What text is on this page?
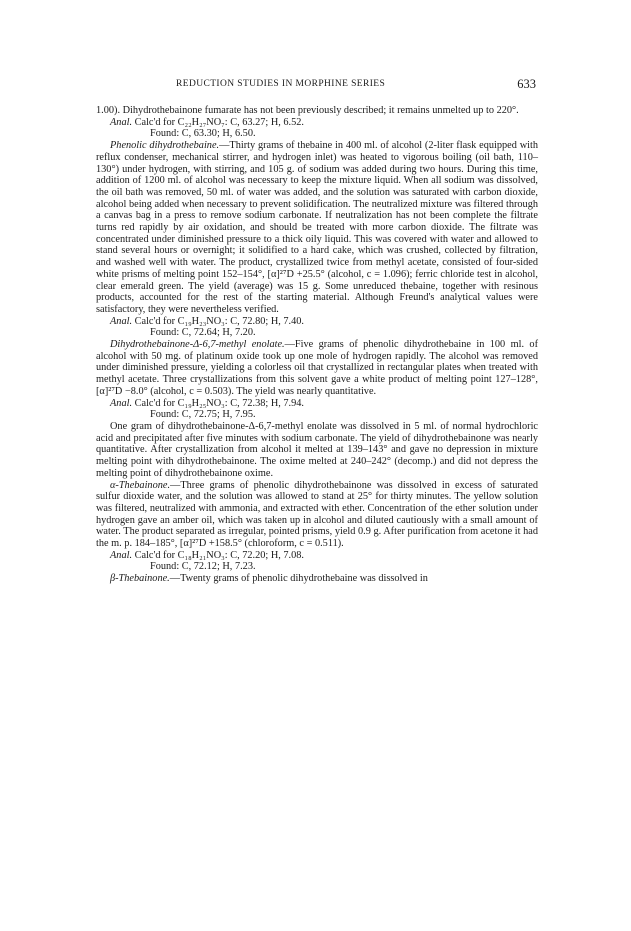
REDUCTION STUDIES IN MORPHINE SERIES	633

1.00). Dihydrothebainone fumarate has not been previously described; it remains unmelted up to 220°.

Anal. Calc'd for C₂₂H₂₇NO₇: C, 63.27; H, 6.52.

Found: C, 63.30; H, 6.50.

Phenolic dihydrothebaine.—Thirty grams of thebaine in 400 ml. of alcohol (2-liter flask equipped with reflux condenser, mechanical stirrer, and hydrogen inlet) was heated to vigorous boiling (oil bath, 110–130°) under hydrogen, with stirring, and 105 g. of sodium was added during two hours. During this time, addition of 1200 ml. of alcohol was necessary to keep the mixture liquid. When all sodium was dissolved, the oil bath was removed, 50 ml. of water was added, and the solution was saturated with carbon dioxide, alcohol being added when necessary to prevent solidification. The neutralized mixture was filtered through a canvas bag in a press to remove sodium carbonate. If neutralization has not been complete the filtrate turns red rapidly by air oxidation, and should be treated with more carbon dioxide. The filtrate was concentrated under diminished pressure to a thick oily liquid. This was covered with water and allowed to stand several hours or overnight; it solidified to a hard cake, which was crushed, collected by filtration, and washed well with water. The product, crystallized twice from methyl acetate, consisted of four-sided white prisms of melting point 152–154°, [α]²⁷D +25.5° (alcohol, c = 1.096); ferric chloride test in alcohol, clear emerald green. The yield (average) was 15 g. Some unreduced thebaine, together with resinous products, accounted for the rest of the starting material. Although Freund's analytical values were satisfactory, they were nevertheless verified.

Anal. Calc'd for C₁₉H₂₃NO₃: C, 72.80; H, 7.40.

Found: C, 72.64; H, 7.20.

Dihydrothebainone-Δ-6,7-methyl enolate.—Five grams of phenolic dihydrothebaine in 100 ml. of alcohol with 50 mg. of platinum oxide took up one mole of hydrogen rapidly. The alcohol was removed under diminished pressure, yielding a colorless oil that crystallized in rectangular plates when treated with methyl acetate. Three crystallizations from this solvent gave a white product of melting point 127–128°, [α]²⁷D −8.0° (alcohol, c = 0.503). The yield was nearly quantitative.

Anal. Calc'd for C₁₉H₂₅NO₃: C, 72.38; H, 7.94.

Found: C, 72.75; H, 7.95.

One gram of dihydrothebainone-Δ-6,7-methyl enolate was dissolved in 5 ml. of normal hydrochloric acid and precipitated after five minutes with sodium carbonate. The yield of dihydrothebainone was nearly quantitative. After crystallization from alcohol it melted at 139–143° and gave no depression in mixture melting point with dihydrothebainone. The oxime melted at 240–242° (decomp.) and did not depress the melting point of dihydrothebainone oxime.

α-Thebainone.—Three grams of phenolic dihydrothebainone was dissolved in excess of saturated sulfur dioxide water, and the solution was allowed to stand at 25° for thirty minutes. The yellow solution was filtered, neutralized with ammonia, and extracted with ether. Concentration of the ether solution under hydrogen gave an amber oil, which was taken up in alcohol and diluted cautiously with a small amount of water. The product separated as irregular, pointed prisms, yield 0.9 g. After purification from acetone it had the m. p. 184–185°, [α]²⁷D +158.5° (chloroform, c = 0.511).

Anal. Calc'd for C₁₈H₂₁NO₃: C, 72.20; H, 7.08.

Found: C, 72.12; H, 7.23.

β-Thebainone.—Twenty grams of phenolic dihydrothebaine was dissolved in
